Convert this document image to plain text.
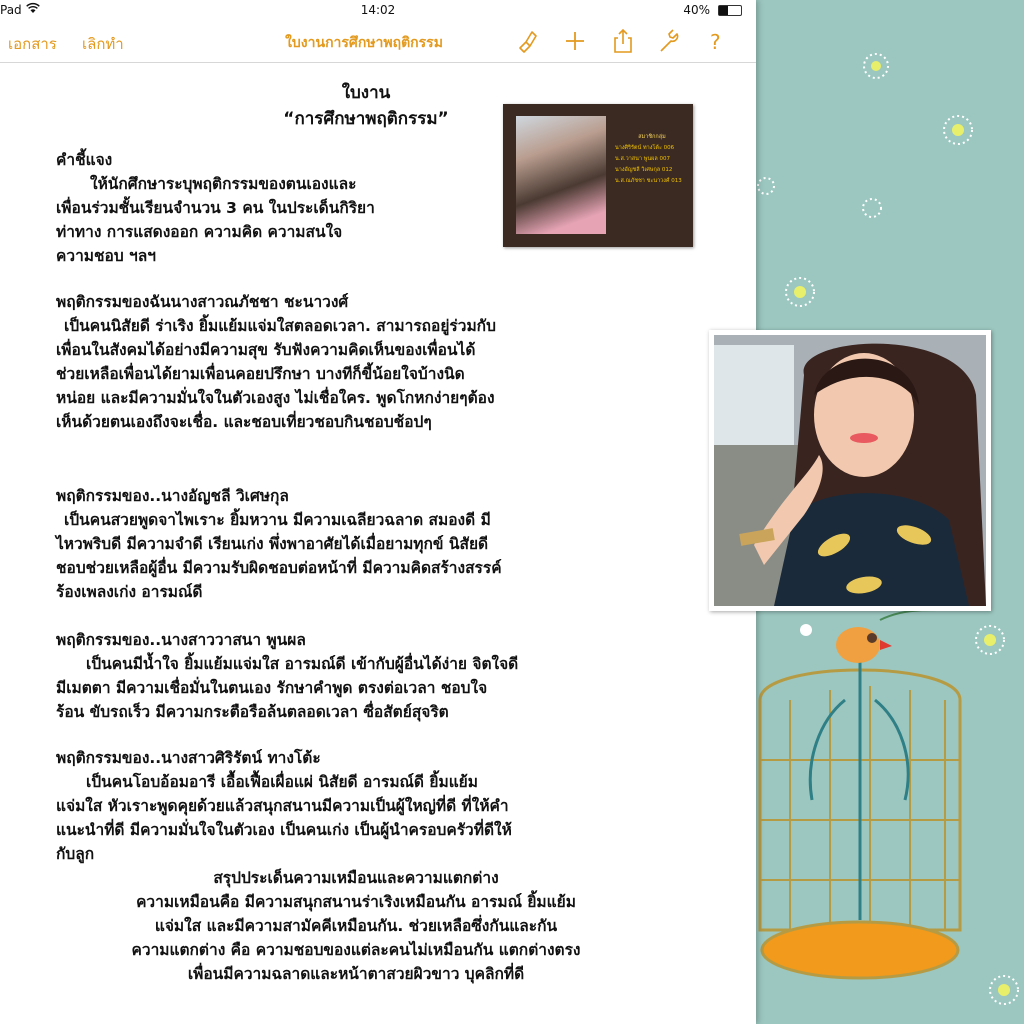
Pad	14:02	40%
เอกสาร เลิกทำ	ใบงานการศึกษาพฤติกรรม	?
ใบงาน
“การศึกษาพฤติกรรม”
คำชี้แจง
ให้นักศึกษาระบุพฤติกรรมของตนเองและ
เพื่อนร่วมชั้นเรียนจำนวน 3 คน ในประเด็นกิริยา
ท่าทาง การแสดงออก ความคิด ความสนใจ
ความชอบ ฯลฯ
พฤติกรรมของฉันนางสาวณภัชชา ชะนาวงศ์
เป็นคนนิสัยดี ร่าเริง ยิ้มแย้มแจ่มใสตลอดเวลา. สามารถอยู่ร่วมกับ
เพื่อนในสังคมได้อย่างมีความสุข รับฟังความคิดเห็นของเพื่อนได้
ช่วยเหลือเพื่อนได้ยามเพื่อนคอยปรึกษา บางทีก็ขี้น้อยใจบ้างนิด
หน่อย และมีความมั่นใจในตัวเองสูง ไม่เชื่อใคร. พูดโกหกง่ายๆต้อง
เห็นด้วยตนเองถึงจะเชื่อ. และชอบเที่ยวชอบกินชอบช้อปๆ
พฤติกรรมของ..นางอัญชลี วิเศษกุล
เป็นคนสวยพูดจาไพเราะ ยิ้มหวาน มีความเฉลียวฉลาด สมองดี มี
ไหวพริบดี มีความจำดี เรียนเก่ง พึ่งพาอาศัยได้เมื่อยามทุกข์ นิสัยดี
ชอบช่วยเหลือผู้อื่น มีความรับผิดชอบต่อหน้าที่ มีความคิดสร้างสรรค์
ร้องเพลงเก่ง อารมณ์ดี
พฤติกรรมของ..นางสาววาสนา พูนผล
เป็นคนมีน้ำใจ ยิ้มแย้มแจ่มใส อารมณ์ดี เข้ากับผู้อื่นได้ง่าย จิตใจดี
มีเมตตา มีความเชื่อมั่นในตนเอง รักษาคำพูด ตรงต่อเวลา ชอบใจ
ร้อน ขับรถเร็ว มีความกระตือรือล้นตลอดเวลา ซื่อสัตย์สุจริต
พฤติกรรมของ..นางสาวศิริรัตน์ ทางโต้ะ
เป็นคนโอบอ้อมอารี เอื้อเฟื้อเผื่อแผ่ นิสัยดี อารมณ์ดี ยิ้มแย้ม
แจ่มใส หัวเราะพูดคุยด้วยแล้วสนุกสนานมีความเป็นผู้ใหญ่ที่ดี ที่ให้คำ
แนะนำที่ดี มีความมั่นใจในตัวเอง เป็นคนเก่ง เป็นผู้นำครอบครัวที่ดีให้
กับลูก
สรุปประเด็นความเหมือนและความแตกต่าง
ความเหมือนคือ มีความสนุกสนานร่าเริงเหมือนกัน อารมณ์ ยิ้มแย้ม
แจ่มใส และมีความสามัคคีเหมือนกัน. ช่วยเหลือซึ่งกันและกัน
ความแตกต่าง คือ ความชอบของแต่ละคนไม่เหมือนกัน แตกต่างตรง
เพื่อนมีความฉลาดและหน้าตาสวยผิวขาว บุคลิกที่ดี
สมาชิกกลุ่ม
นางศิริรัตน์ ทางโต้ะ 006
น.ส.วาสนา พูนผล 007
นางอัญชลี วิเศษกุล 012
น.ส.ณภัชชา ชะนาวงศ์ 013
